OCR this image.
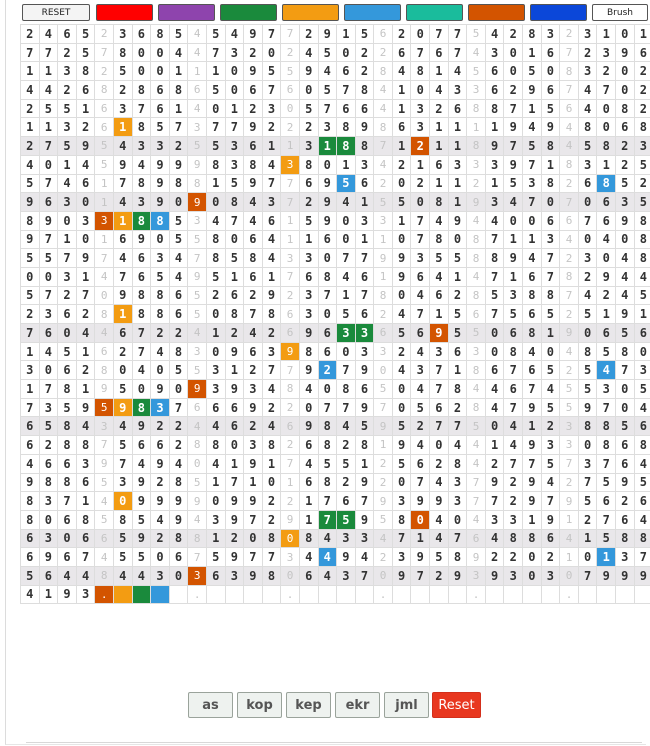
RESET	Brush
2 4 6 5	2 3 6 8 5	4 5 4 9 7	7 2 9 1 5	6 2 0 7 7	5 4 2 8 3	2 3 1 0 1
7 7 2 5	7 8 0 0 4	4 7 3 2 0	2 4 5 0 2	2 6 7 6 7	4 3 0 1 6	7 2 3 9 6
1 1 3 8	2 5 0 0 1	1 1 0 9 5	5 9 4 6 2	8 4 8 1 4	5 6 0 5 0	8 3 2 0 2
4 4 2 6	8 2 8 6 8	6 5 0 6 7	6 0 5 7 8	4 1 0 4 3	3 6 2 9 6	7 4 7 0 2
2 5 5 1	6 3 7 6 1	4 0 1 2 3	0 5 7 6 6	4 1 3 2 6	8 8 7 1 5	6 4 0 8 2
1 1 3 2	6 1 8 5 7	3 7 7 9 2	2 2 3 8 9	8 6 3 1 1	1 1 9 4 9	4 8 0 6 8
2 7 5 9	5 4 3 3 2	5 5 3 6 1	1 3 1 8 8	7 1 2 1 1	8 9 7 5 8	4 5 8 2 3
4 0 1 4	5 9 4 9 9	9 8 3 8 4	3 8 0 1 3	4 2 1 6 3	3 3 9 7 1	8 3 1 2 5
5 7 4 6	1 7 8 9 8	8 1 5 9 7	7 6 9 5 6	2 0 2 1 1	2 1 5 3 8	2 6 8 5 2
9 6 3 0	1 4 3 9 0	9 0 8 4 3	7 2 9 4 1	5 5 0 8 1	9 3 4 7 0	7 0 6 3 5
8 9 0 3	3 1 8 8 5	3 4 7 4 6	1 5 9 0 3	3 1 7 4 9	4 4 0 0 6	6 7 6 9 8
9 7 1 0	1 6 9 0 5	5 8 0 6 4	1 1 6 0 1	1 0 7 8 0	8 7 1 1 3	4 0 4 0 8
5 5 7 9	7 4 6 3 4	7 8 5 8 4	3 3 0 7 7	9 9 3 5 5	8 8 9 4 7	2 3 0 4 8
0 0 3 1	4 7 6 5 4	9 5 1 6 1	7 6 8 4 6	1 9 6 4 1	4 7 1 6 7	8 2 9 4 4
5 7 2 7	0 9 8 8 6	5 2 6 2 9	2 3 7 1 7	8 0 4 6 2	8 5 3 8 8	7 4 2 4 5
2 3 6 2	8 1 8 8 6	5 0 8 7 8	6 3 0 5 6	2 4 7 1 5	6 7 5 6 5	2 5 1 9 1
7 6 0 4	4 6 7 2 2	4 1 2 4 2	6 9 6 3 3	6 5 6 9 5	5 0 6 8 1	9 0 6 5 6
1 4 5 1	6 2 7 4 8	3 0 9 6 3	9 8 6 0 3	3 2 4 3 6	3 0 8 4 0	4 8 5 8 0
3 0 6 2	8 0 4 0 5	5 3 1 2 7	7 9 2 7 9	0 4 3 7 1	8 6 7 6 5	2 5 4 7 3
1 7 8 1	9 5 0 9 0	9 3 9 3 4	8 4 0 8 6	5 0 4 7 8	4 4 6 7 4	5 5 3 0 5
7 3 5 9	5 9 8 3 7	6 6 6 9 2	2 0 7 7 9	7 0 5 6 2	8 4 7 9 5	5 9 7 0 4
6 5 8 4	3 4 9 2 2	4 4 6 2 4	6 9 8 4 5	9 5 2 7 7	5 0 4 1 2	3 8 8 5 6
6 2 8 8	7 5 6 6 2	8 8 0 3 8	2 6 8 2 8	1 9 4 0 4	4 1 4 9 3	3 0 8 6 8
4 6 6 3	9 7 4 9 4	0 4 1 9 1	7 4 5 5 1	2 5 6 2 8	4 2 7 7 5	7 3 7 6 4
9 8 8 6	5 3 9 2 8	5 1 7 1 0	1 6 8 2 9	2 0 7 4 3	7 9 2 9 4	2 7 5 9 5
8 3 7 1	4 0 9 9 9	9 0 9 9 2	2 1 7 6 7	9 3 9 9 3	7 7 2 9 7	9 5 6 2 6
8 0 6 8	5 8 5 4 9	4 3 9 7 2	9 1 7 5 9	5 8 0 4 0	4 3 3 1 9	1 2 7 6 4
6 3 0 6	6 5 9 2 8	8 1 2 0 8	0 8 4 3 3	4 7 1 4 7	6 4 8 8 6	4 1 5 8 8
6 9 6 7	4 5 5 0 6	7 5 9 7 7	3 4 4 9 4	2 3 9 5 8	9 2 2 0 2	1 0 1 3 7
5 6 4 4	8 4 4 3 0	3 6 3 9 8	0 6 4 3 7	0 9 7 2 9	3 9 3 0 3	0 7 9 9 9
4 1 9 3	.	.	.	.	.	.
as	kop	kep	ekr	jml	Reset
